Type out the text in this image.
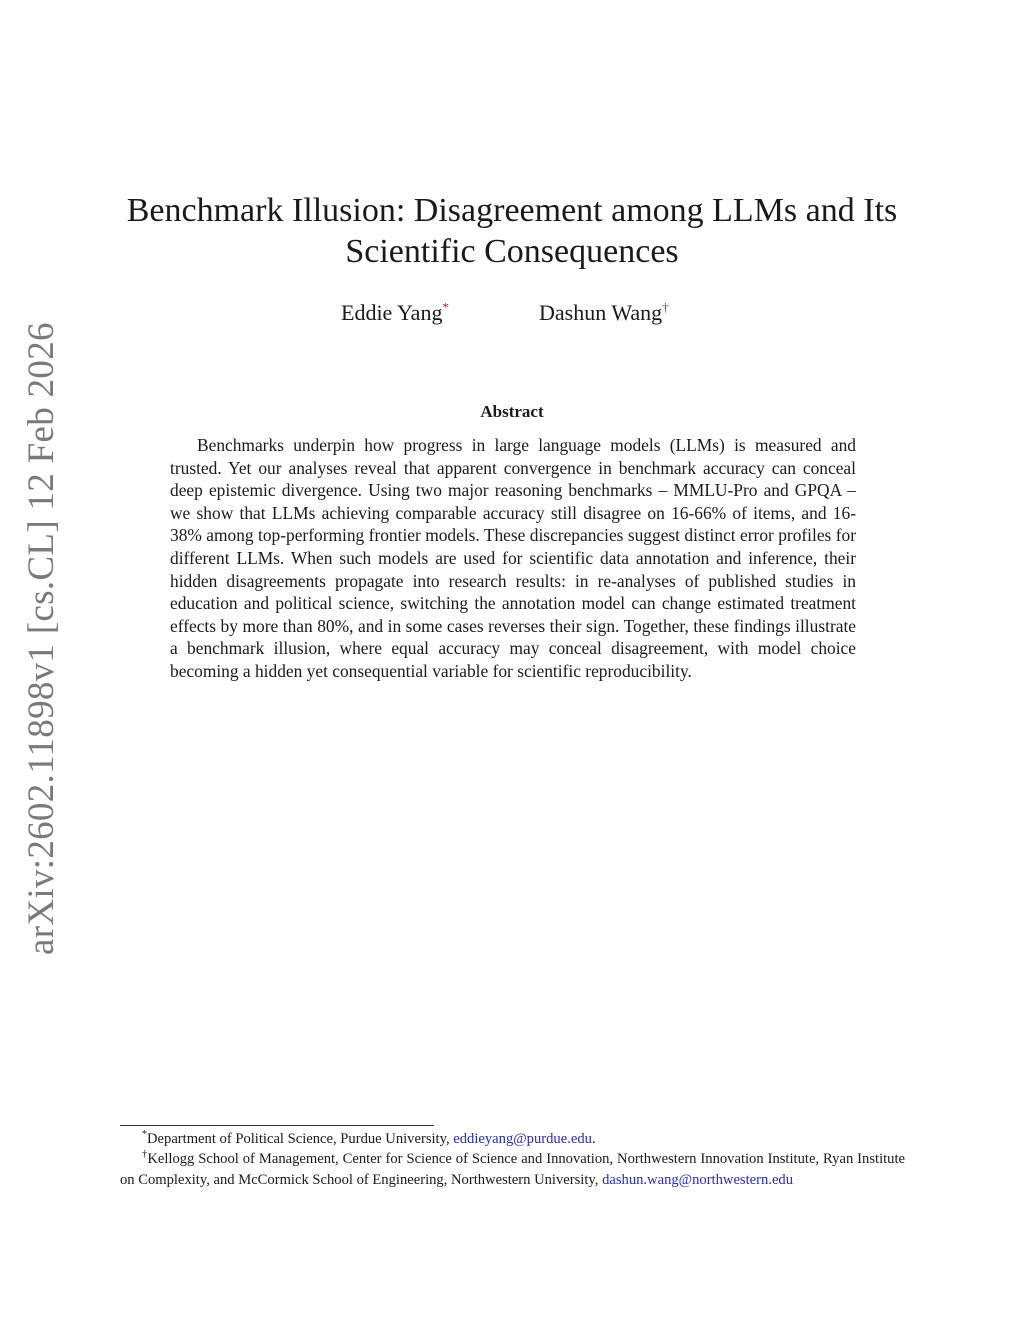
arXiv:2602.11898v1 [cs.CL] 12 Feb 2026
Benchmark Illusion: Disagreement among LLMs and Its Scientific Consequences
Eddie Yang*	Dashun Wang†
Abstract

Benchmarks underpin how progress in large language models (LLMs) is measured and trusted. Yet our analyses reveal that apparent convergence in benchmark accuracy can conceal deep epistemic divergence. Using two major reasoning benchmarks – MMLU-Pro and GPQA – we show that LLMs achieving comparable accuracy still disagree on 16-66% of items, and 16-38% among top-performing frontier models. These discrepancies suggest distinct error profiles for different LLMs. When such models are used for scientific data annotation and inference, their hidden disagreements propagate into research results: in re-analyses of published studies in education and political science, switching the annotation model can change estimated treatment effects by more than 80%, and in some cases reverses their sign. Together, these findings illustrate a benchmark illusion, where equal accuracy may conceal disagreement, with model choice becoming a hidden yet consequential variable for scientific reproducibility.

*Department of Political Science, Purdue University, eddieyang@purdue.edu.

†Kellogg School of Management, Center for Science of Science and Innovation, Northwestern Innovation Institute, Ryan Institute on Complexity, and McCormick School of Engineering, Northwestern University, dashun.wang@northwestern.edu
